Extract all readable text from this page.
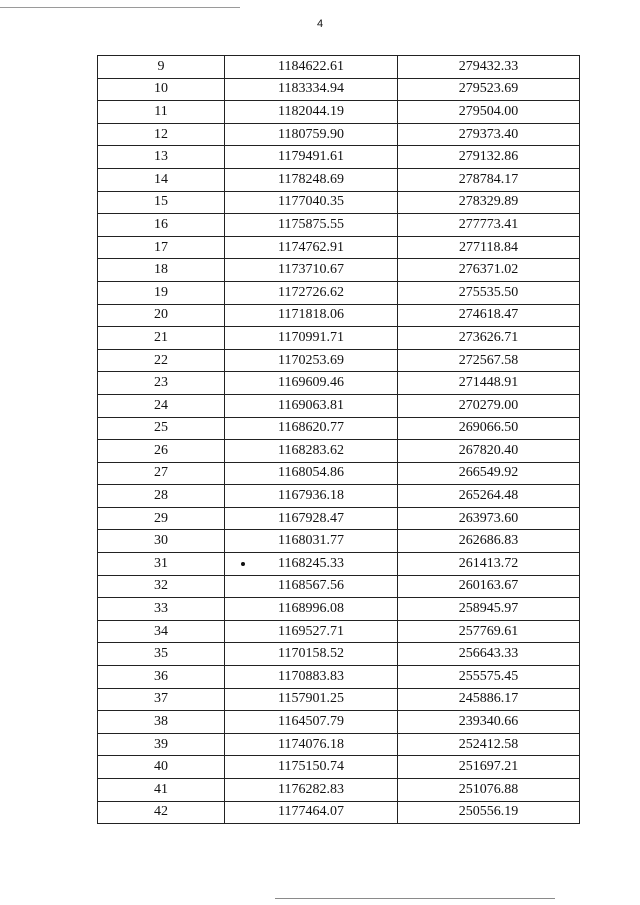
4
9	1184622.61	279432.33
10	1183334.94	279523.69
11	1182044.19	279504.00
12	1180759.90	279373.40
13	1179491.61	279132.86
14	1178248.69	278784.17
15	1177040.35	278329.89
16	1175875.55	277773.41
17	1174762.91	277118.84
18	1173710.67	276371.02
19	1172726.62	275535.50
20	1171818.06	274618.47
21	1170991.71	273626.71
22	1170253.69	272567.58
23	1169609.46	271448.91
24	1169063.81	270279.00
25	1168620.77	269066.50
26	1168283.62	267820.40
27	1168054.86	266549.92
28	1167936.18	265264.48
29	1167928.47	263973.60
30	1168031.77	262686.83
31	1168245.33	261413.72
32	1168567.56	260163.67
33	1168996.08	258945.97
34	1169527.71	257769.61
35	1170158.52	256643.33
36	1170883.83	255575.45
37	1157901.25	245886.17
38	1164507.79	239340.66
39	1174076.18	252412.58
40	1175150.74	251697.21
41	1176282.83	251076.88
42	1177464.07	250556.19
